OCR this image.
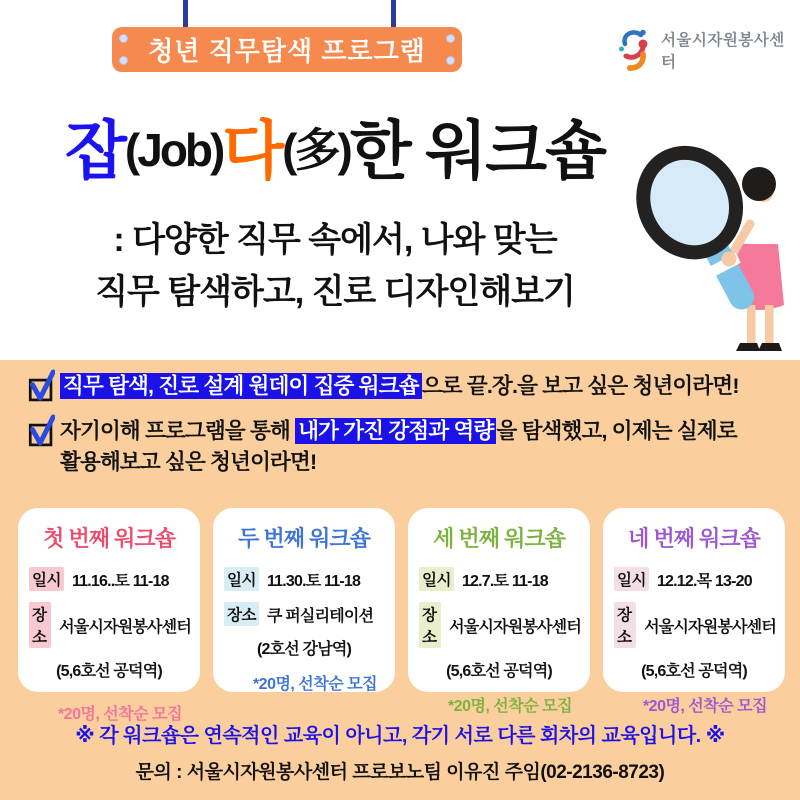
청년 직무탐색 프로그램	서울시자원봉사센터
잡(Job)다(多)한 워크숍
: 다양한 직무 속에서, 나와 맞는
직무 탐색하고, 진로 디자인해보기
직무 탐색, 진로 설계 원데이 집중 워크숍 으로 끝.장.을 보고 싶은 청년이라면!
자기이해 프로그램을 통해 내가 가진 강점과 역량 을 탐색했고, 이제는 실제로
활용해보고 싶은 청년이라면!
첫 번째 워크숍
일시 11.16..토 11-18
장소
서울시자원봉사센터
(5,6호선 공덕역)
*20명, 선착순 모집
두 번째 워크숍
일시 11.30.토 11-18
장소 쿠 퍼실리테이션
(2호선 강남역)
*20명, 선착순 모집
세 번째 워크숍
일시 12.7.토 11-18
장소
서울시자원봉사센터
(5,6호선 공덕역)
*20명, 선착순 모집
네 번째 워크숍
일시 12.12.목 13-20
장소
서울시자원봉사센터
(5,6호선 공덕역)
*20명, 선착순 모집
※ 각 워크숍은 연속적인 교육이 아니고, 각기 서로 다른 회차의 교육입니다. ※
문의 : 서울시자원봉사센터 프로보노팀 이유진 주임(02-2136-8723)
